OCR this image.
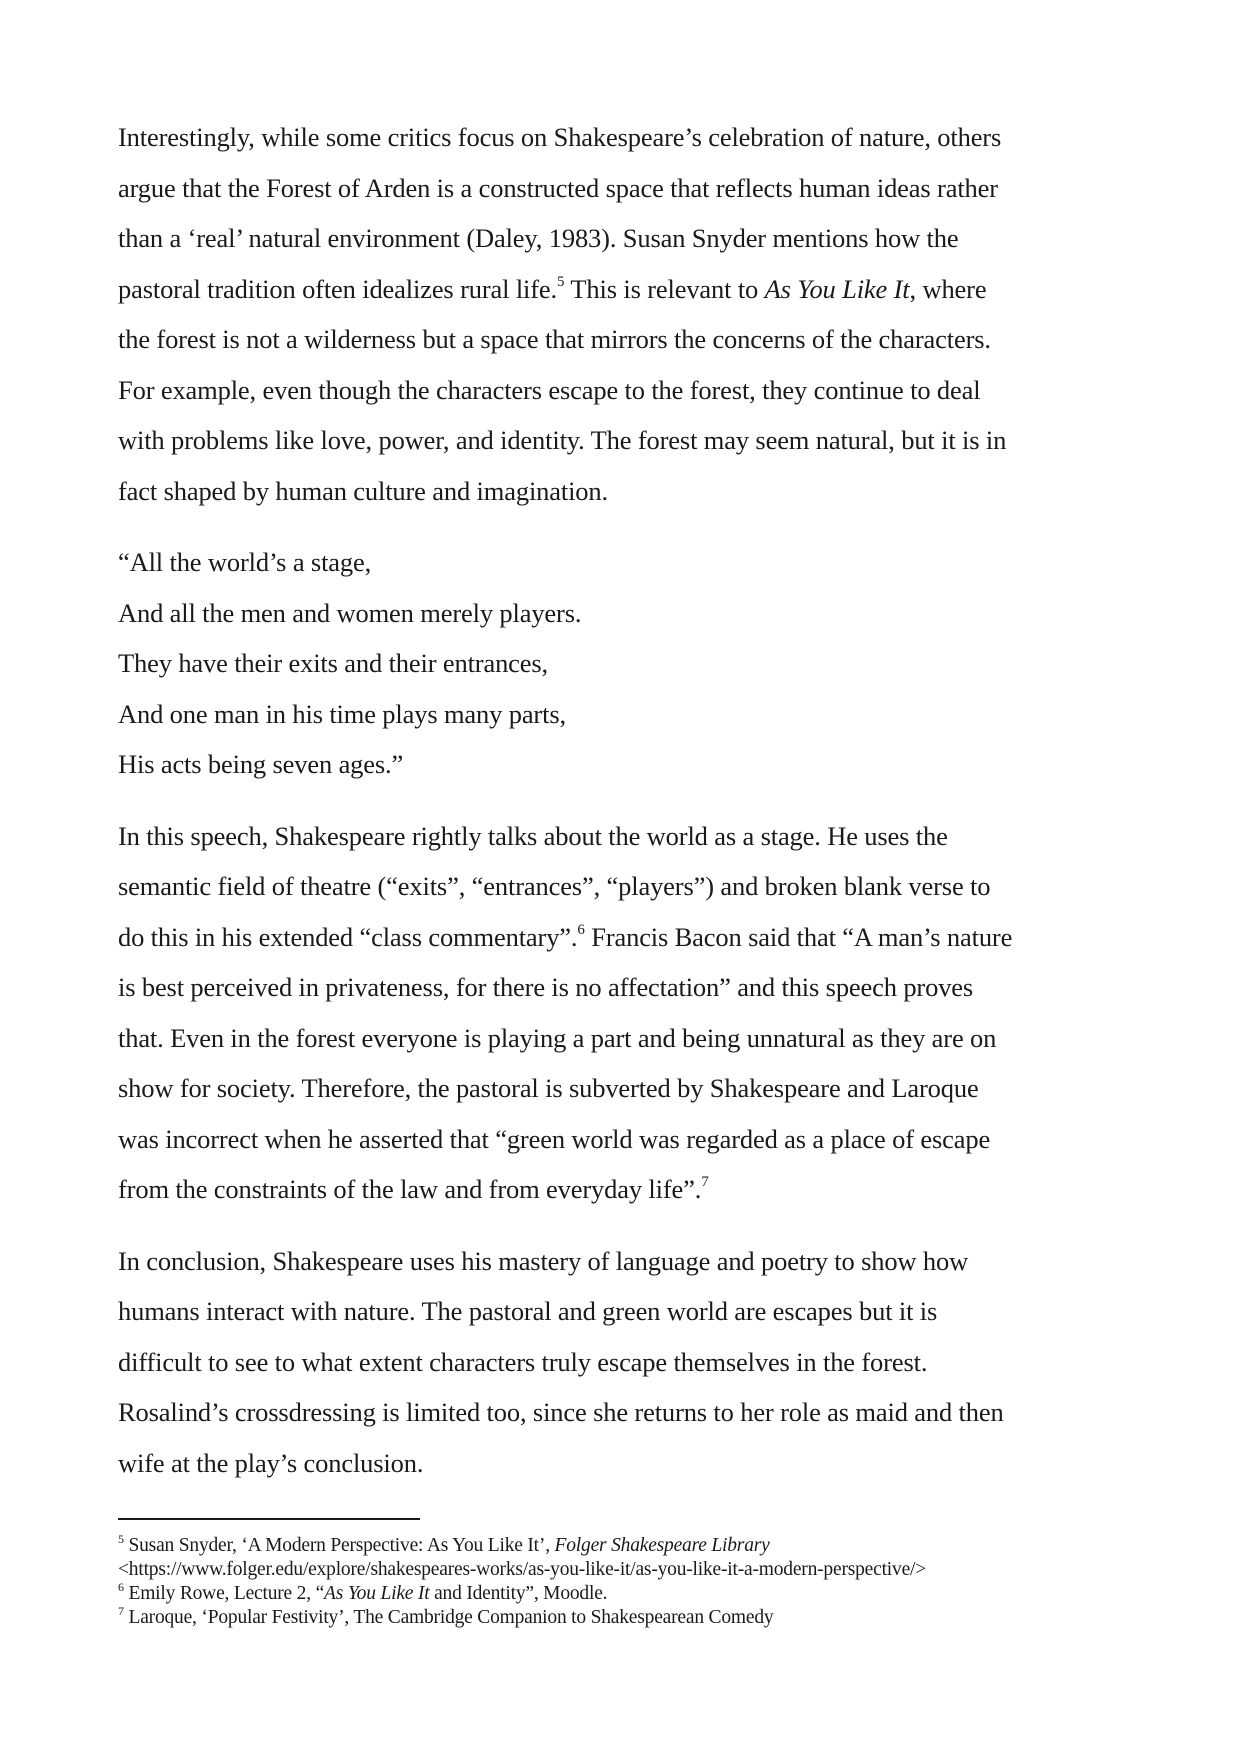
Interestingly, while some critics focus on Shakespeare’s celebration of nature, others
argue that the Forest of Arden is a constructed space that reflects human ideas rather
than a ‘real’ natural environment (Daley, 1983). Susan Snyder mentions how the
pastoral tradition often idealizes rural life.$^5$ This is relevant to As You Like It, where
the forest is not a wilderness but a space that mirrors the concerns of the characters.
For example, even though the characters escape to the forest, they continue to deal
with problems like love, power, and identity. The forest may seem natural, but it is in
fact shaped by human culture and imagination.
“All the world’s a stage,
And all the men and women merely players.
They have their exits and their entrances,
And one man in his time plays many parts,
His acts being seven ages.”
In this speech, Shakespeare rightly talks about the world as a stage. He uses the
semantic field of theatre (“exits”, “entrances”, “players”) and broken blank verse to
do this in his extended “class commentary”.$^6$ Francis Bacon said that “A man’s nature
is best perceived in privateness, for there is no affectation” and this speech proves
that. Even in the forest everyone is playing a part and being unnatural as they are on
show for society. Therefore, the pastoral is subverted by Shakespeare and Laroque
was incorrect when he asserted that “green world was regarded as a place of escape
from the constraints of the law and from everyday life”.$^7$
In conclusion, Shakespeare uses his mastery of language and poetry to show how
humans interact with nature. The pastoral and green world are escapes but it is
difficult to see to what extent characters truly escape themselves in the forest.
Rosalind’s crossdressing is limited too, since she returns to her role as maid and then
wife at the play’s conclusion.
$^5$ Susan Snyder, ‘A Modern Perspective: As You Like It’, Folger Shakespeare Library
<https://www.folger.edu/explore/shakespeares-works/as-you-like-it/as-you-like-it-a-modern-perspective/>
$^6$ Emily Rowe, Lecture 2, “As You Like It and Identity”, Moodle.
$^7$ Laroque, ‘Popular Festivity’, The Cambridge Companion to Shakespearean Comedy
